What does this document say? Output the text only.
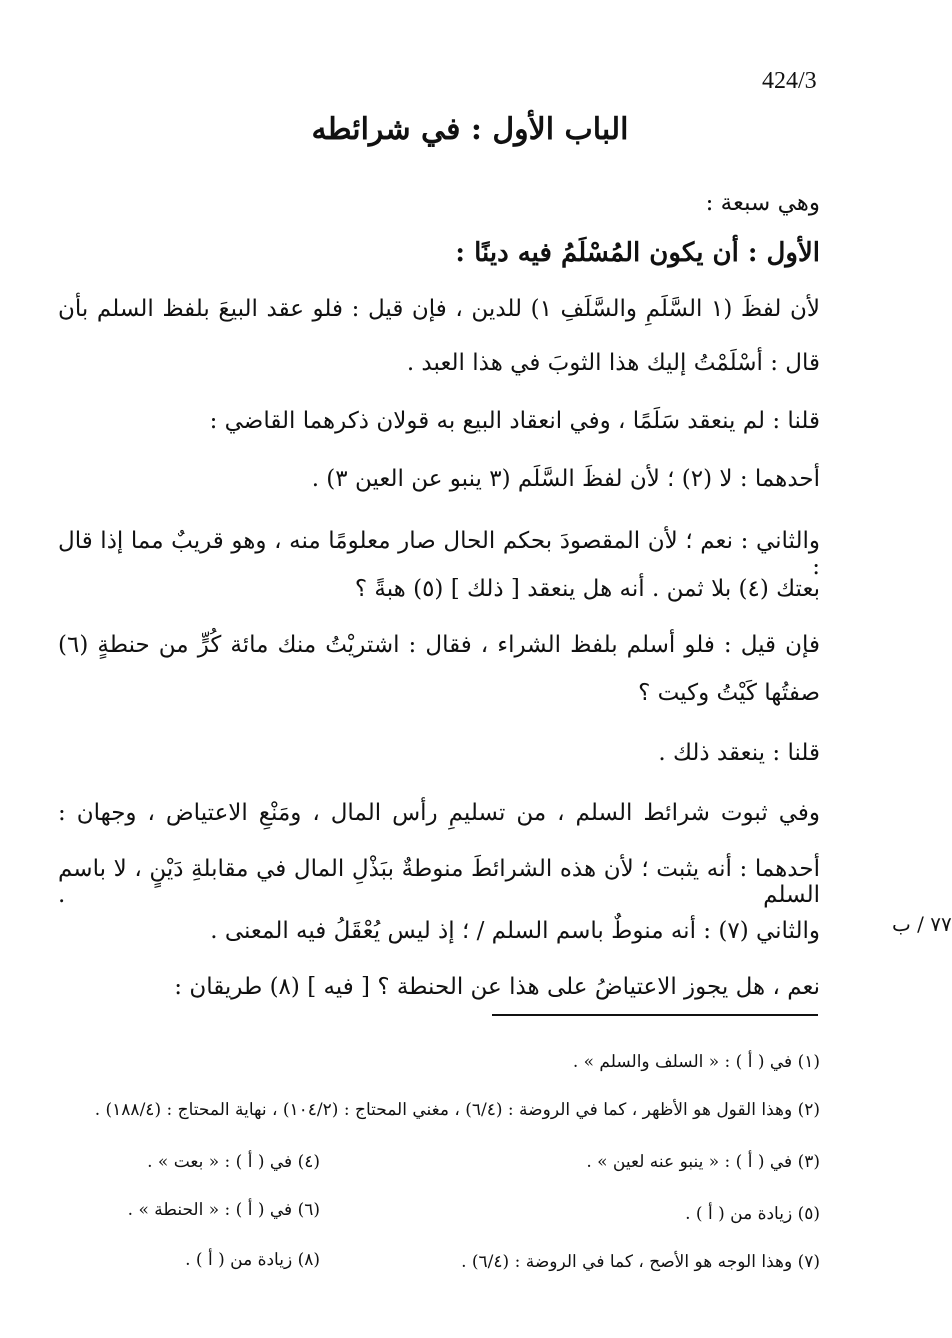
424/3
الباب الأول : في شرائطه
وهي سبعة :
الأول : أن يكون المُسْلَمُ فيه دينًا :
لأن لفظَ (١ السَّلَمِ والسَّلَفِ ١) للدين ، فإن قيل : فلو عقد البيعَ بلفظ السلم بأن
قال : أسْلَمْتُ إليك هذا الثوبَ في هذا العبد .
قلنا : لم ينعقد سَلَمًا ، وفي انعقاد البيع به قولان ذكرهما القاضي :
أحدهما : لا (٢) ؛ لأن لفظَ السَّلَم (٣ ينبو عن العين ٣) .
والثاني : نعم ؛ لأن المقصودَ بحكم الحال صار معلومًا منه ، وهو قريبٌ مما إذا قال :
بعتك (٤) بلا ثمن . أنه هل ينعقد [ ذلك ] (٥) هبةً ؟
فإن قيل : فلو أسلم بلفظ الشراء ، فقال : اشتريْتُ منك مائة كُرٍّ من حنطةٍ (٦)
صفتُها كَيْتُ وكيت ؟
قلنا : ينعقد ذلك .
وفي ثبوت شرائط السلم ، من تسليمِ رأس المال ، ومَنْعِ الاعتياض ، وجهان :
أحدهما : أنه يثبت ؛ لأن هذه الشرائطَ منوطةٌ ببَذْلِ المال في مقابلةِ دَيْنٍ ، لا باسم السلم .
والثاني (٧) : أنه منوطٌ باسم السلم / ؛ إذ ليس يُعْقَلُ فيه المعنى .
نعم ، هل يجوز الاعتياضُ على هذا عن الحنطة ؟ [ فيه ] (٨) طريقان :
٧٧ / ب
(١) في ( أ ) : « السلف والسلم » .
(٢) وهذا القول هو الأظهر ، كما في الروضة : (٦/٤) ، مغني المحتاج : (١٠٤/٢) ، نهاية المحتاج : (١٨٨/٤) .
(٣) في ( أ ) : « ينبو عنه لعين » .
(٤) في ( أ ) : « بعت » .
(٥) زيادة من ( أ ) .
(٦) في ( أ ) : « الحنطة » .
(٧) وهذا الوجه هو الأصح ، كما في الروضة : (٦/٤) .
(٨) زيادة من ( أ ) .
